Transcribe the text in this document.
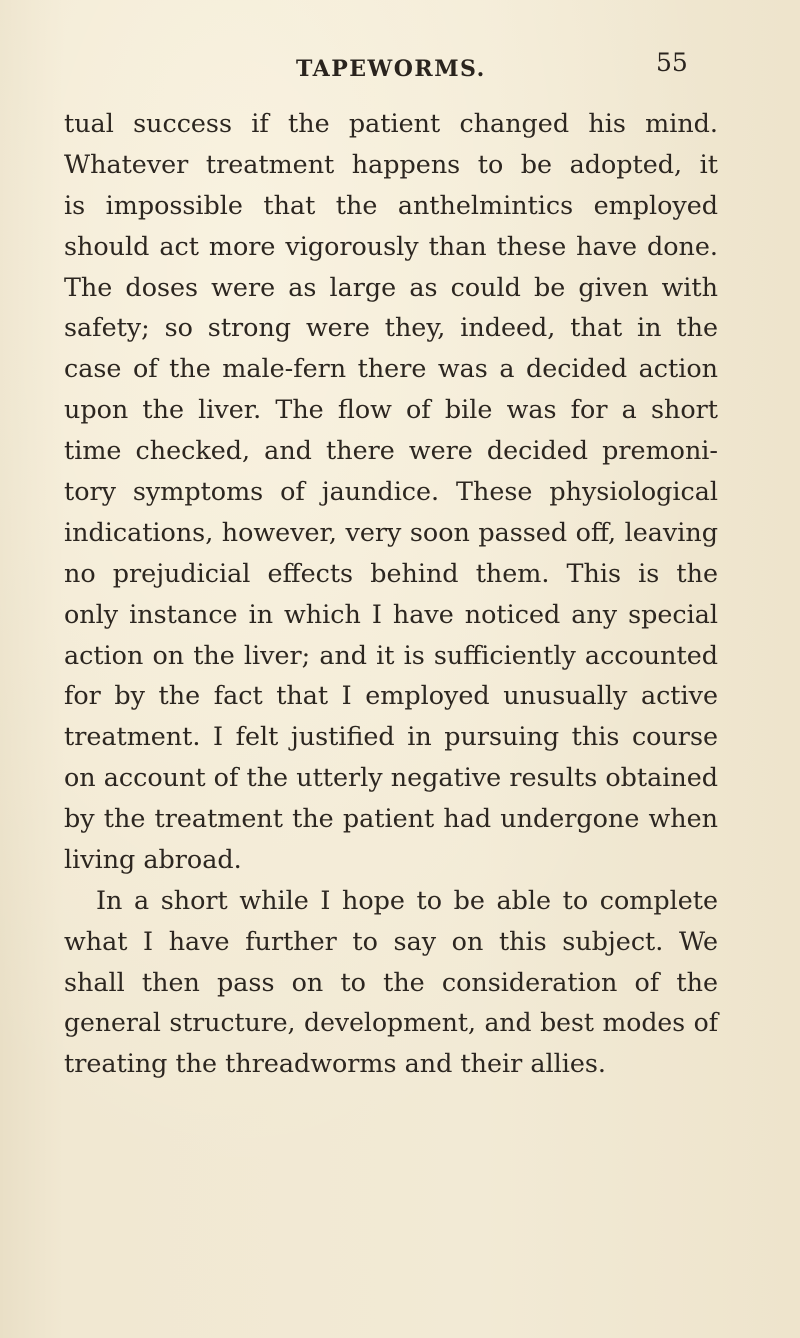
TAPEWORMS.	55
tual success if the patient changed his mind.
Whatever treatment happens to be adopted, it
is impossible that the anthelmintics employed
should act more vigorously than these have done.
The doses were as large as could be given with
safety; so strong were they, indeed, that in the
case of the male-fern there was a decided action
upon the liver. The flow of bile was for a short
time checked, and there were decided premoni-
tory symptoms of jaundice. These physiological
indications, however, very soon passed off, leaving
no prejudicial effects behind them. This is the
only instance in which I have noticed any special
action on the liver; and it is sufficiently accounted
for by the fact that I employed unusually active
treatment. I felt justified in pursuing this course
on account of the utterly negative results obtained
by the treatment the patient had undergone when
living abroad.
In a short while I hope to be able to complete
what I have further to say on this subject. We
shall then pass on to the consideration of the
general structure, development, and best modes of
treating the threadworms and their allies.
